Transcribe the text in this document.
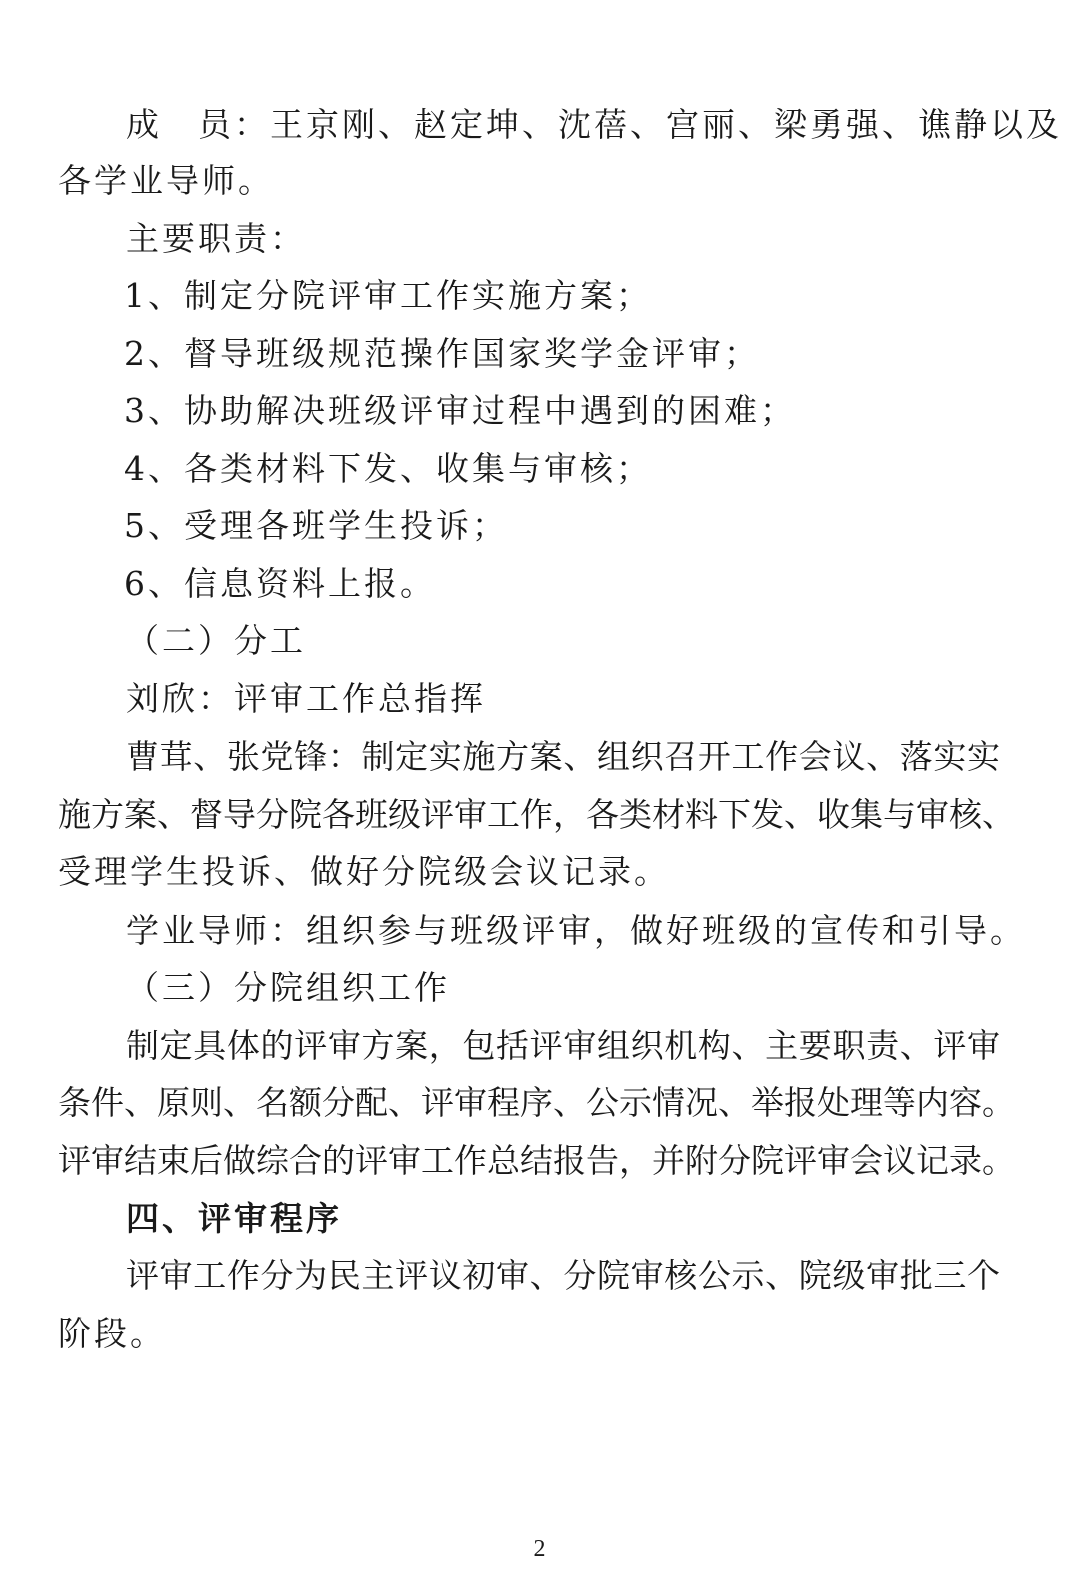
成　员：王京刚、赵定坤、沈蓓、宫丽、梁勇强、谯静以及
各学业导师。
主要职责：
1、制定分院评审工作实施方案；
2、督导班级规范操作国家奖学金评审；
3、协助解决班级评审过程中遇到的困难；
4、各类材料下发、收集与审核；
5、受理各班学生投诉；
6、信息资料上报。
（二）分工
刘欣：评审工作总指挥
曹茸、张党锋：制定实施方案、组织召开工作会议、落实实
施方案、督导分院各班级评审工作，各类材料下发、收集与审核、
受理学生投诉、做好分院级会议记录。
学业导师：组织参与班级评审，做好班级的宣传和引导。
（三）分院组织工作
制定具体的评审方案，包括评审组织机构、主要职责、评审
条件、原则、名额分配、评审程序、公示情况、举报处理等内容。
评审结束后做综合的评审工作总结报告，并附分院评审会议记录。
四、评审程序
评审工作分为民主评议初审、分院审核公示、院级审批三个
阶段。
2
